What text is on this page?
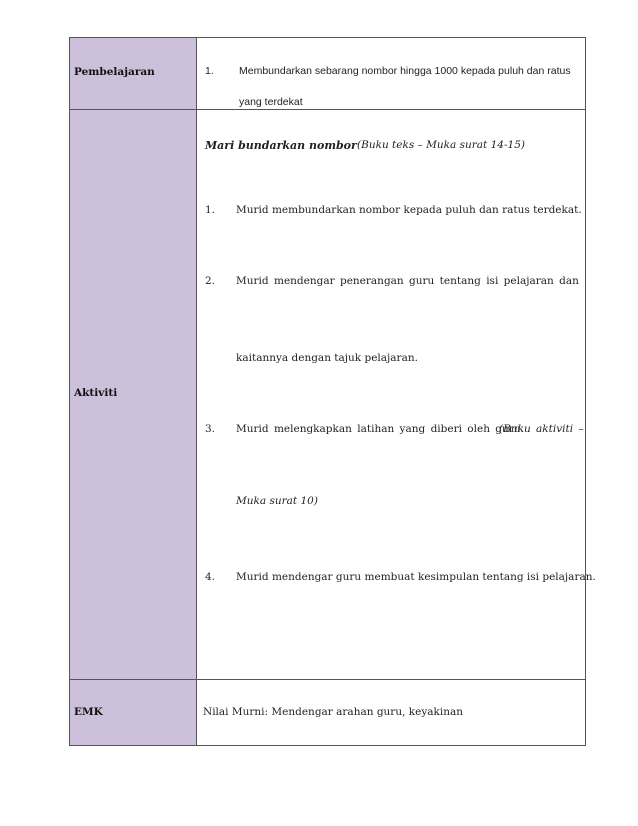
Pembelajaran	1. Membundarkan sebarang nombor hingga 1000 kepada puluh dan ratus
yang terdekat
Aktiviti
Mari bundarkan nombor (Buku teks – Muka surat 14-15)
1. Murid membundarkan nombor kepada puluh dan ratus terdekat.
2. Murid mendengar penerangan guru tentang isi pelajaran dan
kaitannya dengan tajuk pelajaran.
3. Murid melengkapkan latihan yang diberi oleh guru.
(Buku aktiviti –
Muka surat 10)
4. Murid mendengar guru membuat kesimpulan tentang isi pelajaran.
EMK	Nilai Murni: Mendengar arahan guru, keyakinan
